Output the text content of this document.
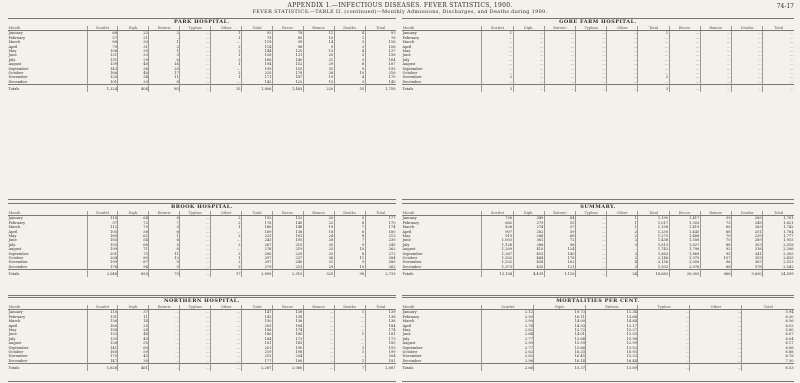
APPENDIX 1.—INFECTIOUS DISEASES. FEVER STATISTICS, 1900.
FEVER STATISTICS.—TABLE II. (continued)—Monthly Admissions, Discharges, and Deaths during 1900.
74-17
PARK HOSPITAL.
Month	Scarlet	Diph.	Enteric	Typhus	Other	Total	Recov.	Remov.	Deaths	Total
January	68	22	2	...	1	93	78	11	4	93
February	57	21	...	...	1	79	65	10	1	76
March	88	30	1	...	...	119	99	14	3	116
April	79	31	2	...	2	114	96	9	3	108
May	106	35	1	...	2	144	120	13	4	137
June	121	33	3	...	1	158	131	20	5	156
July	131	29	6	...	2	168	140	21	3	164
August	139	40	14	...	1	194	152	29	6	187
September	143	36	20	...	...	199	155	31	9	195
October	166	40	17	...	2	225	178	28	10	216
November	125	34	11	...	1	171	147	19	4	170
December	101	33	8	...	...	142	122	15	3	140
Totals	1,324	404	85	...	15	1,806	1,483	220	55	1,758
GORE FARM HOSPITAL.
Month	Scarlet	Diph.	Enteric	Typhus	Other	Total	Recov.	Remov.	Deaths	Total
January	1	...	...	...	...	1	...	...	...	...
February	...	...	...	...	...	...	...	...	...	...
March	...	...	...	...	...	...	...	...	...	...
April	...	...	...	...	...	...	...	...	...	...
May	...	...	...	...	...	...	...	...	...	...
June	...	...	...	...	...	...	...	...	...	...
July	...	...	...	...	...	...	...	...	...	...
August	...	...	...	...	...	...	...	...	...	...
September	...	...	...	...	...	...	...	...	...	...
October	...	...	...	...	...	...	...	...	...	...
November	2	...	...	...	...	2	...	...	...	...
December	...	...	...	...	...	...	...	...	...	...
Totals	3	...	...	...	...	3	...	...	...	...
BROOK HOSPITAL.
Month	Scarlet	Diph.	Enteric	Typhus	Other	Total	Recov.	Remov.	Deaths	Total
January	118	64	8	...	2	192	152	20	5	177
February	97	72	7	...	2	178	140	22	8	170
March	112	70	3	...	1	186	148	19	7	174
April	105	58	6	...	...	169	136	18	6	160
May	160	62	1	...	2	225	181	24	8	213
June	183	54	6	...	...	243	195	28	7	230
July	192	68	5	...	2	267	210	30	9	249
August	199	71	6	...	...	276	219	33	10	262
September	201	75	11	...	3	290	229	35	8	272
October	204	80	12	...	1	297	237	36	11	284
November	199	87	9	...	2	297	240	31	9	280
December	178	94	5	...	2	279	223	29	10	262
Totals	2,048	855	79	...	17	2,899	2,310	325	98	2,733
SUMMARY.
Month	Scarlet	Diph.	Enteric	Typhus	Other	Total	Recov.	Remov.	Deaths	Total
January	756	349	84	...	1	1,190	1,417	59	285	1,761
February	682	279	55	...	1	1,017	1,303	73	245	1,621
March	826	274	57	...	1	1,158	1,419	60	263	1,742
April	907	282	59	...	2	1,250	1,445	68	251	1,764
May	919	286	68	...	2	1,275	1,468	70	239	1,777
June	1,003	361	72	...	2	1,438	1,556	70	289	1,915
July	1,128	388	96	...	3	1,615	1,627	88	303	2,018
August	1,209	410	124	...	...	1,743	1,798	92	316	2,206
September	1,267	453	140	...	3	1,863	1,869	95	341	2,305
October	1,502	464	178	...	2	2,146	1,975	107	353	2,435
November	1,532	458	162	...	4	2,156	2,050	96	367	2,513
December	1,373	435	121	...	3	1,932	2,076	88	378	2,542
Totals	13,104	4,439	1,116	...	24	18,683	20,003	966	3,630	24,599
NORTHERN HOSPITAL.
Month	Scarlet	Diph.	Enteric	Typhus	Other	Total	Recov.	Remov.	Deaths	Total
January	110	37	...	...	...	147	138	...	1	139
February	131	11	...	...	...	142	138	...	...	138
March	136	14	...	...	...	150	136	...	...	136
April	180	25	...	...	...	205	184	...	...	184
May	158	28	...	...	...	186	174	...	...	174
June	132	48	...	...	...	180	180	...	1	181
July	135	49	...	...	...	184	173	...	...	173
August	126	55	...	...	...	181	185	...	...	185
September	141	60	...	...	...	201	190	...	3	193
October	160	59	...	...	...	219	198	...	1	199
November	170	45	...	...	...	215	204	...	...	204
December	147	30	...	...	...	177	180	...	1	181
Totals	1,826	461	...	...	...	2,287	2,080	...	7	2,087
MORTALITIES PER CENT.
Month	Scarlet	Diph.	Enteric	Typhus	Other	Total
January	2.12	19.73	11.34	...	...	5.94
February	2.59	16.11	13.64	...	...	6.30
March	2.90	14.00	14.84	...	...	6.56
April	2.74	14.33	12.17	...	...	6.02
May	2.62	13.72	15.27	...	...	5.80
June	2.64	14.01	12.93	...	...	6.07
July	2.77	13.64	15.98	...	...	6.04
August	2.90	15.39	12.99	...	...	6.17
September	2.77	15.66	13.52	...	...	6.06
October	2.62	16.33	16.93	...	...	6.88
November	2.62	16.45	15.32	...	...	6.78
December	2.96	16.14	16.44	...	...	7.30
Totals	2.66	15.37	13.69	...	...	6.53
